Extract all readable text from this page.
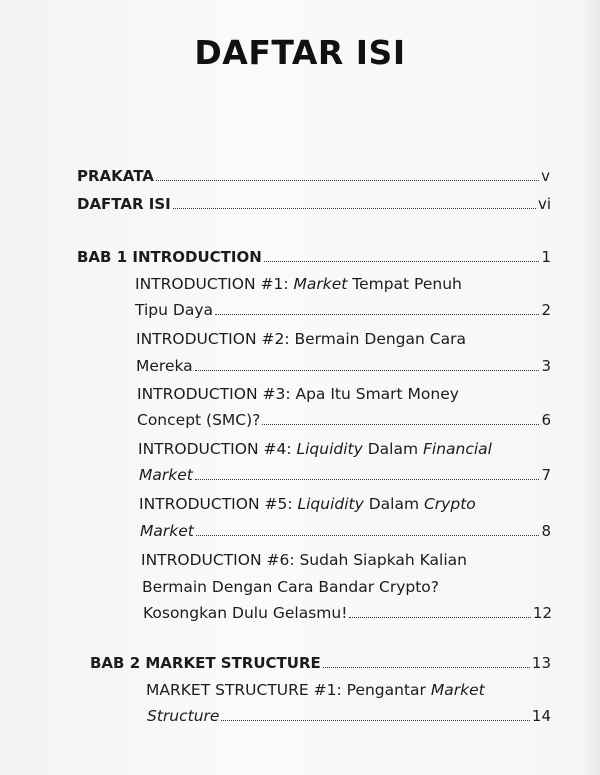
DAFTAR ISI
PRAKATA	v
DAFTAR ISI	vi
BAB 1 INTRODUCTION	1
INTRODUCTION #1: Market Tempat Penuh
Tipu Daya	2
INTRODUCTION #2: Bermain Dengan Cara
Mereka	3
INTRODUCTION #3: Apa Itu Smart Money
Concept (SMC)?	6
INTRODUCTION #4: Liquidity Dalam Financial
Market	7
INTRODUCTION #5: Liquidity Dalam Crypto
Market	8
INTRODUCTION #6: Sudah Siapkah Kalian
Bermain Dengan Cara Bandar Crypto?
Kosongkan Dulu Gelasmu!	12
BAB 2 MARKET STRUCTURE	13
MARKET STRUCTURE #1: Pengantar Market
Structure	14
